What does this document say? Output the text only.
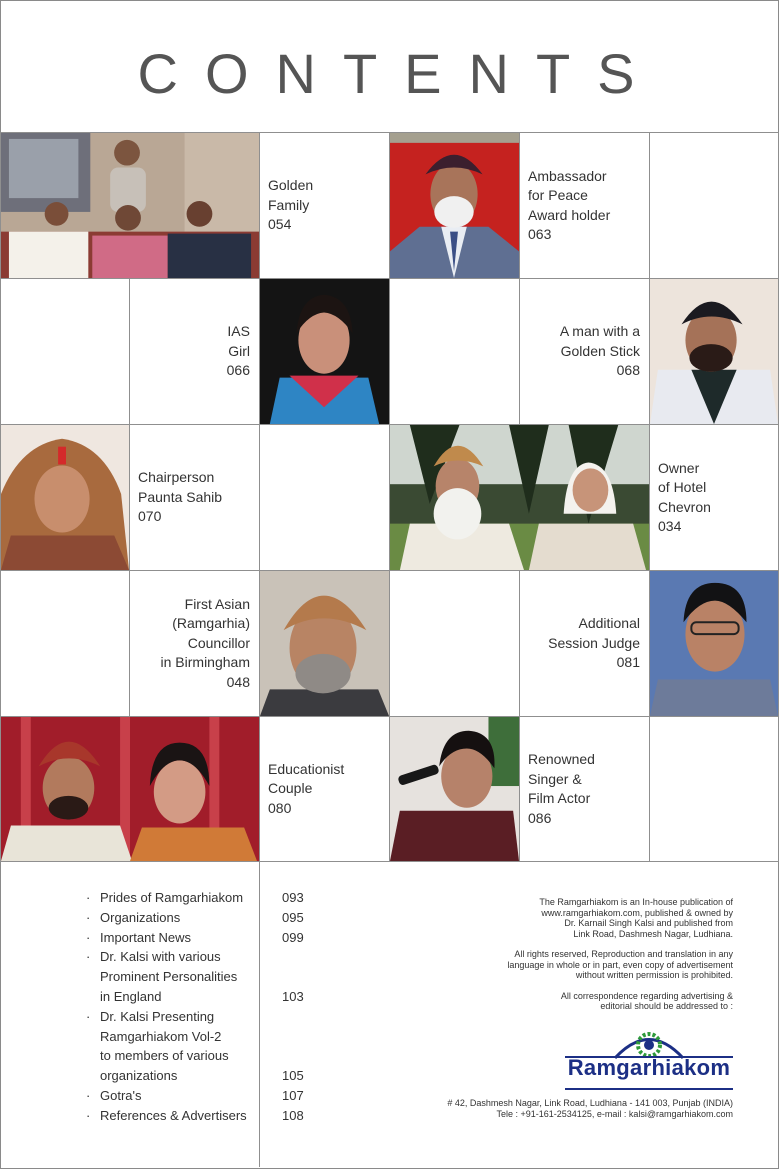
CONTENTS
Golden
Family
054
Ambassador
for Peace
Award holder
063
IAS
Girl
066
A man with a
Golden Stick
068
Chairperson
Paunta Sahib
070
Owner
of Hotel
Chevron
034
First Asian
(Ramgarhia)
Councillor
in Birmingham
048
Additional
Session Judge
081
Educationist
Couple
080
Renowned
Singer &
Film Actor
086
· Prides of Ramgarhiakom	093
· Organizations	095
· Important News	099
· Dr. Kalsi with various
Prominent Personalities
in England	103
· Dr. Kalsi Presenting
Ramgarhiakom Vol-2
to members of various
organizations	105
· Gotra's	107
· References & Advertisers	108

The Ramgarhiakom is an In-house publication of
www.ramgarhiakom.com, published & owned by
Dr. Karnail Singh Kalsi and published from
Link Road, Dashmesh Nagar, Ludhiana.

All rights reserved, Reproduction and translation in any
language in whole or in part, even copy of advertisement
without written permission is prohibited.

All correspondence regarding advertising &
editorial should be addressed to :

Ramgarhiakom
# 42, Dashmesh Nagar, Link Road, Ludhiana - 141 003, Punjab (INDIA)
Tele : +91-161-2534125, e-mail : kalsi@ramgarhiakom.com
